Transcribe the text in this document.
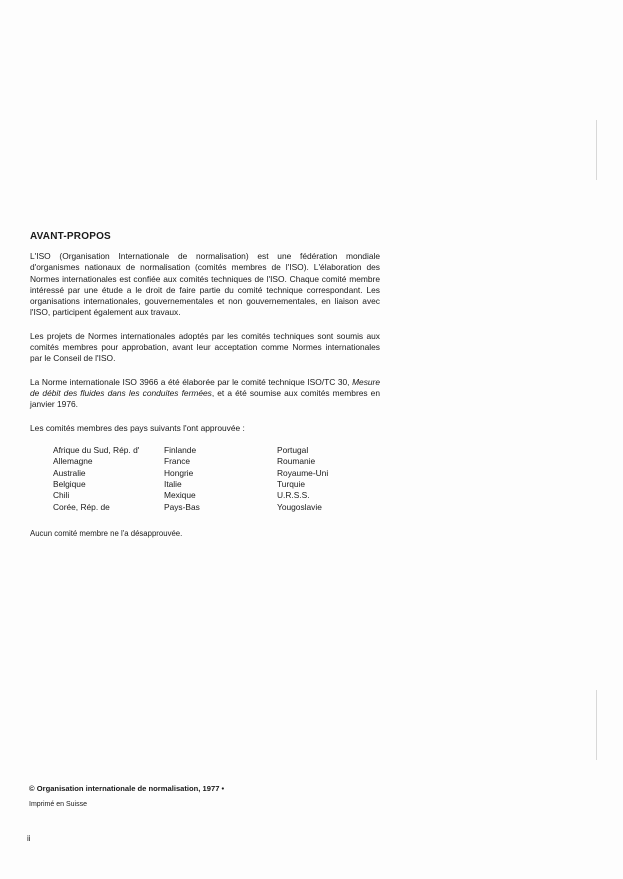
AVANT-PROPOS

L'ISO (Organisation Internationale de normalisation) est une fédération mondiale d'organismes nationaux de normalisation (comités membres de l'ISO). L'élaboration des Normes internationales est confiée aux comités techniques de l'ISO. Chaque comité membre intéressé par une étude a le droit de faire partie du comité technique correspondant. Les organisations internationales, gouvernementales et non gouvernementales, en liaison avec l'ISO, participent également aux travaux.

Les projets de Normes internationales adoptés par les comités techniques sont soumis aux comités membres pour approbation, avant leur acceptation comme Normes internationales par le Conseil de l'ISO.

La Norme internationale ISO 3966 a été élaborée par le comité technique ISO/TC 30, Mesure de débit des fluides dans les conduites fermées, et a été soumise aux comités membres en janvier 1976.

Les comités membres des pays suivants l'ont approuvée :

Afrique du Sud, Rép. d'
Allemagne
Australie
Belgique
Chili
Corée, Rép. de
Finlande
France
Hongrie
Italie
Mexique
Pays-Bas
Portugal
Roumanie
Royaume-Uni
Turquie
U.R.S.S.
Yougoslavie
Aucun comité membre ne l'a désapprouvée.
© Organisation internationale de normalisation, 1977 •
Imprimé en Suisse
ii
